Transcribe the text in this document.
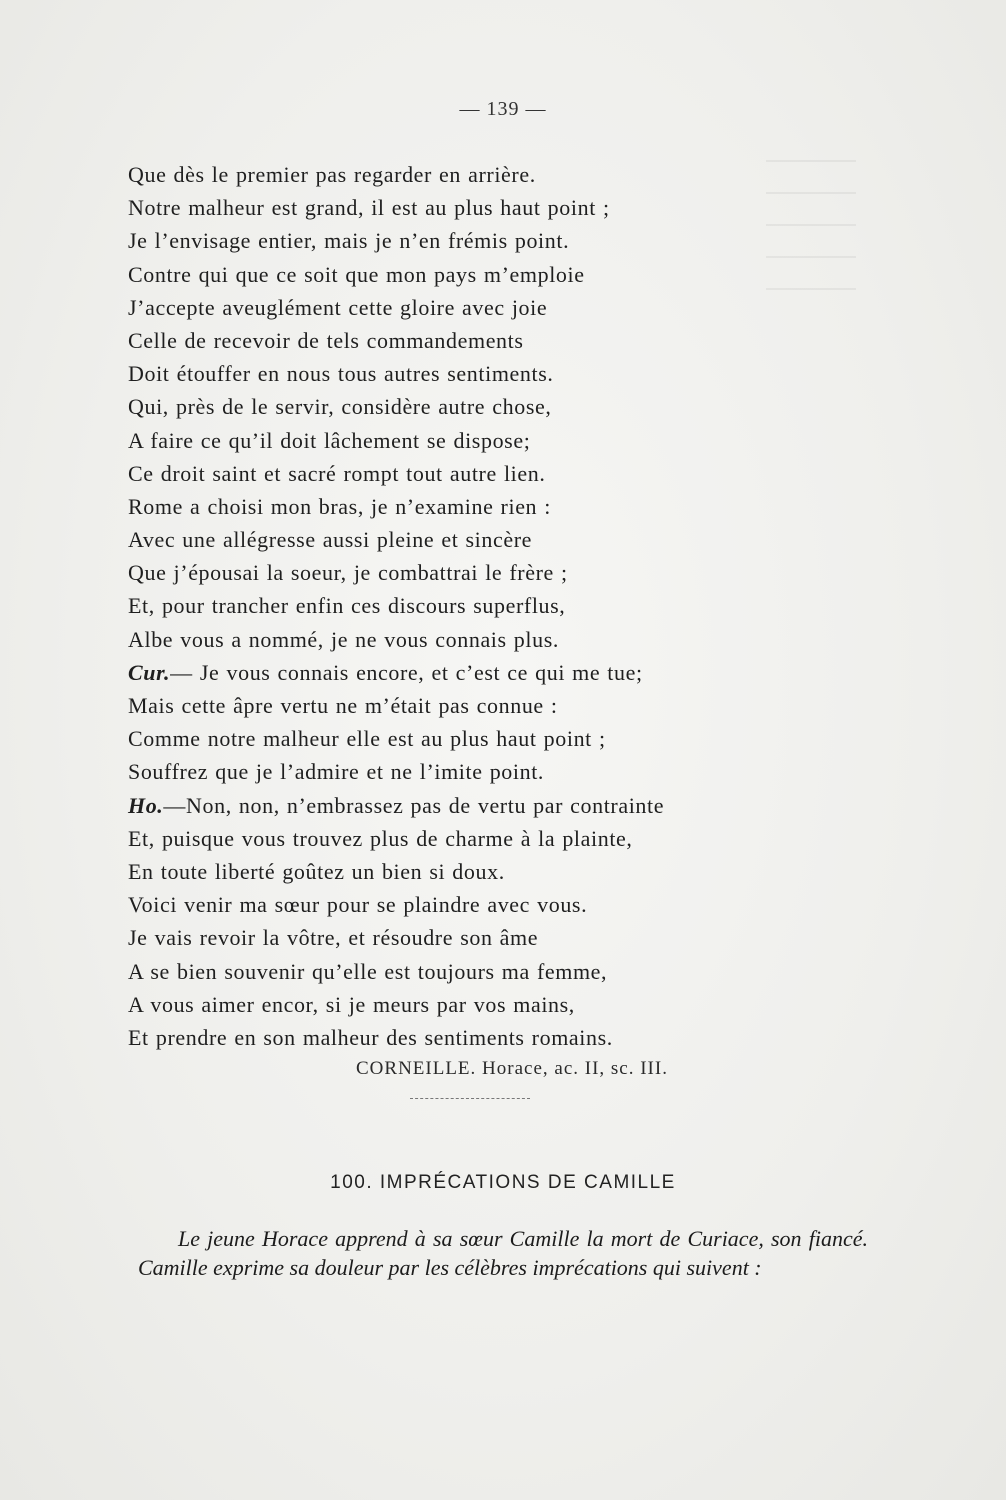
— 139 —
Que dès le premier pas regarder en arrière.
Notre malheur est grand, il est au plus haut point ;
Je l’envisage entier, mais je n’en frémis point.
Contre qui que ce soit que mon pays m’emploie
J’accepte aveuglément cette gloire avec joie
Celle de recevoir de tels commandements
Doit étouffer en nous tous autres sentiments.
Qui, près de le servir, considère autre chose,
A faire ce qu’il doit lâchement se dispose;
Ce droit saint et sacré rompt tout autre lien.
Rome a choisi mon bras, je n’examine rien :
Avec une allégresse aussi pleine et sincère
Que j’épousai la soeur, je combattrai le frère ;
Et, pour trancher enfin ces discours superflus,
Albe vous a nommé, je ne vous connais plus.
Cur.— Je vous connais encore, et c’est ce qui me tue;
Mais cette âpre vertu ne m’était pas connue :
Comme notre malheur elle est au plus haut point ;
Souffrez que je l’admire et ne l’imite point.
Ho.—Non, non, n’embrassez pas de vertu par contrainte
Et, puisque vous trouvez plus de charme à la plainte,
En toute liberté goûtez un bien si doux.
Voici venir ma sœur pour se plaindre avec vous.
Je vais revoir la vôtre, et résoudre son âme
A se bien souvenir qu’elle est toujours ma femme,
A vous aimer encor, si je meurs par vos mains,
Et prendre en son malheur des sentiments romains.
CORNEILLE. Horace, ac. II, sc. III.
100. IMPRÉCATIONS DE CAMILLE

Le jeune Horace apprend à sa sœur Camille la mort de Curiace, son fiancé. Camille exprime sa douleur par les célèbres imprécations qui suivent :
